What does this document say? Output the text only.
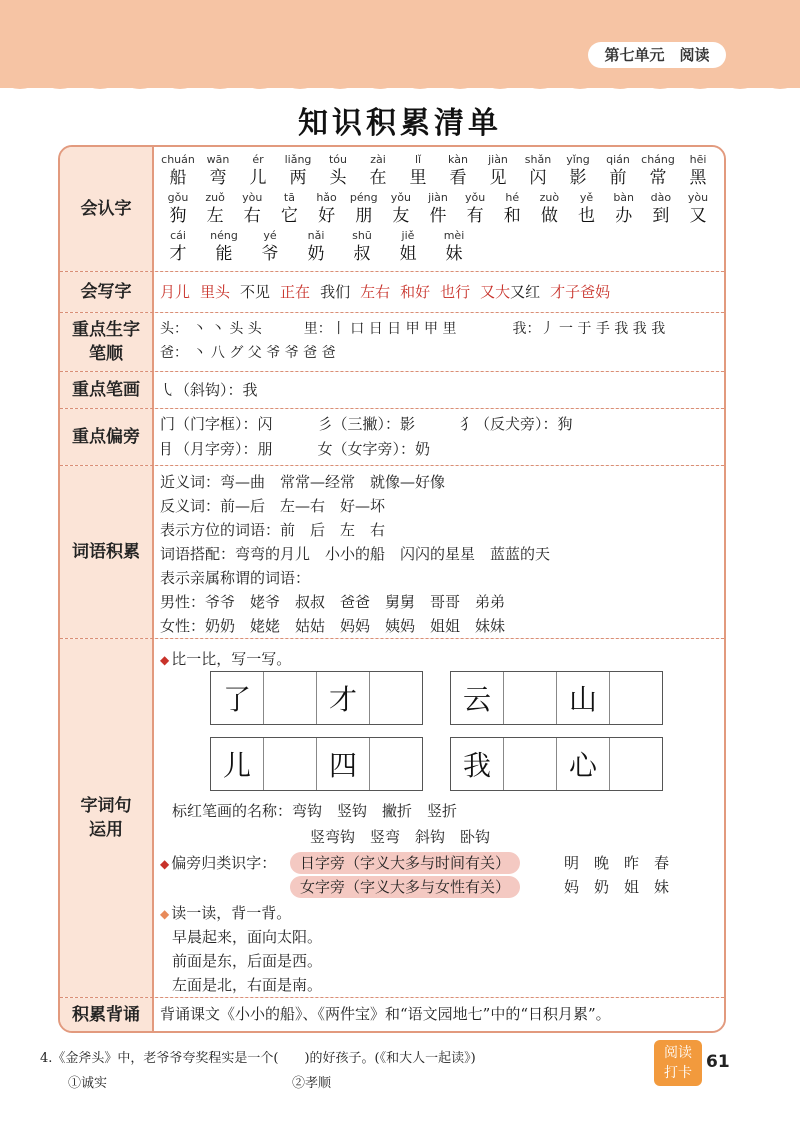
第七单元　阅读
知识积累清单
会认字
chuán
船
wān
弯
ér
儿
liǎng
两
tóu
头
zài
在
lǐ
里
kàn
看
jiàn
见
shǎn
闪
yǐng
影
qián
前
cháng
常
hēi
黑
gǒu
狗
zuǒ
左
yòu
右
tā
它
hǎo
好
péng
朋
yǒu
友
jiàn
件
yǒu
有
hé
和
zuò
做
yě
也
bàn
办
dào
到
yòu
又
cái
才
néng
能
yé
爷
nǎi
奶
shū
叔
jiě
姐
mèi
妹
会写字	月儿 里头 不见 正在 我们 左右 和好 也行 又大又红 才子爸妈
重点生字笔顺
头： 丶 丶 头 头　　　里：丨 口 日 日 甲 甲 里　　　　我：丿 一 于 手 我 我 我
爸： 丶 八 グ 父 爷 爷 爸 爸
重点笔画	㇂（斜钩）：我
重点偏旁
门（门字框）：闪　　　彡（三撇）：影　　　犭（反犬旁）：狗
⺝（月字旁）：朋　　　女（女字旁）：奶
词语积累
近义词：弯—曲　常常—经常　就像—好像
反义词：前—后　左—右　好—坏
表示方位的词语：前　后　左　右
词语搭配：弯弯的月儿　小小的船　闪闪的星星　蓝蓝的天
表示亲属称谓的词语：
男性：爷爷　姥爷　叔叔　爸爸　舅舅　哥哥　弟弟
女性：奶奶　姥姥　姑姑　妈妈　姨妈　姐姐　妹妹
字词句
运用
◆ 比一比，写一写。
了	才	云	山
儿	四	我	心
标红笔画的名称：弯钩　竖钩　撇折　竖折
竖弯钩　竖弯　斜钩　卧钩
◆ 偏旁归类识字：	日字旁（字义大多与时间有关）	明　晚　昨　春
女字旁（字义大多与女性有关）	妈　奶　姐　妹
◆ 读一读，背一背。
早晨起来，面向太阳。
前面是东，后面是西。
左面是北，右面是南。
积累背诵	背诵课文《小小的船》、《两件宝》和“语文园地七”中的“日积月累”。
4.《金斧头》中，老爷爷夸奖程实是一个(　　)的好孩子。(《和大人一起读》)
①诚实	②孝顺
阅读打卡
61
